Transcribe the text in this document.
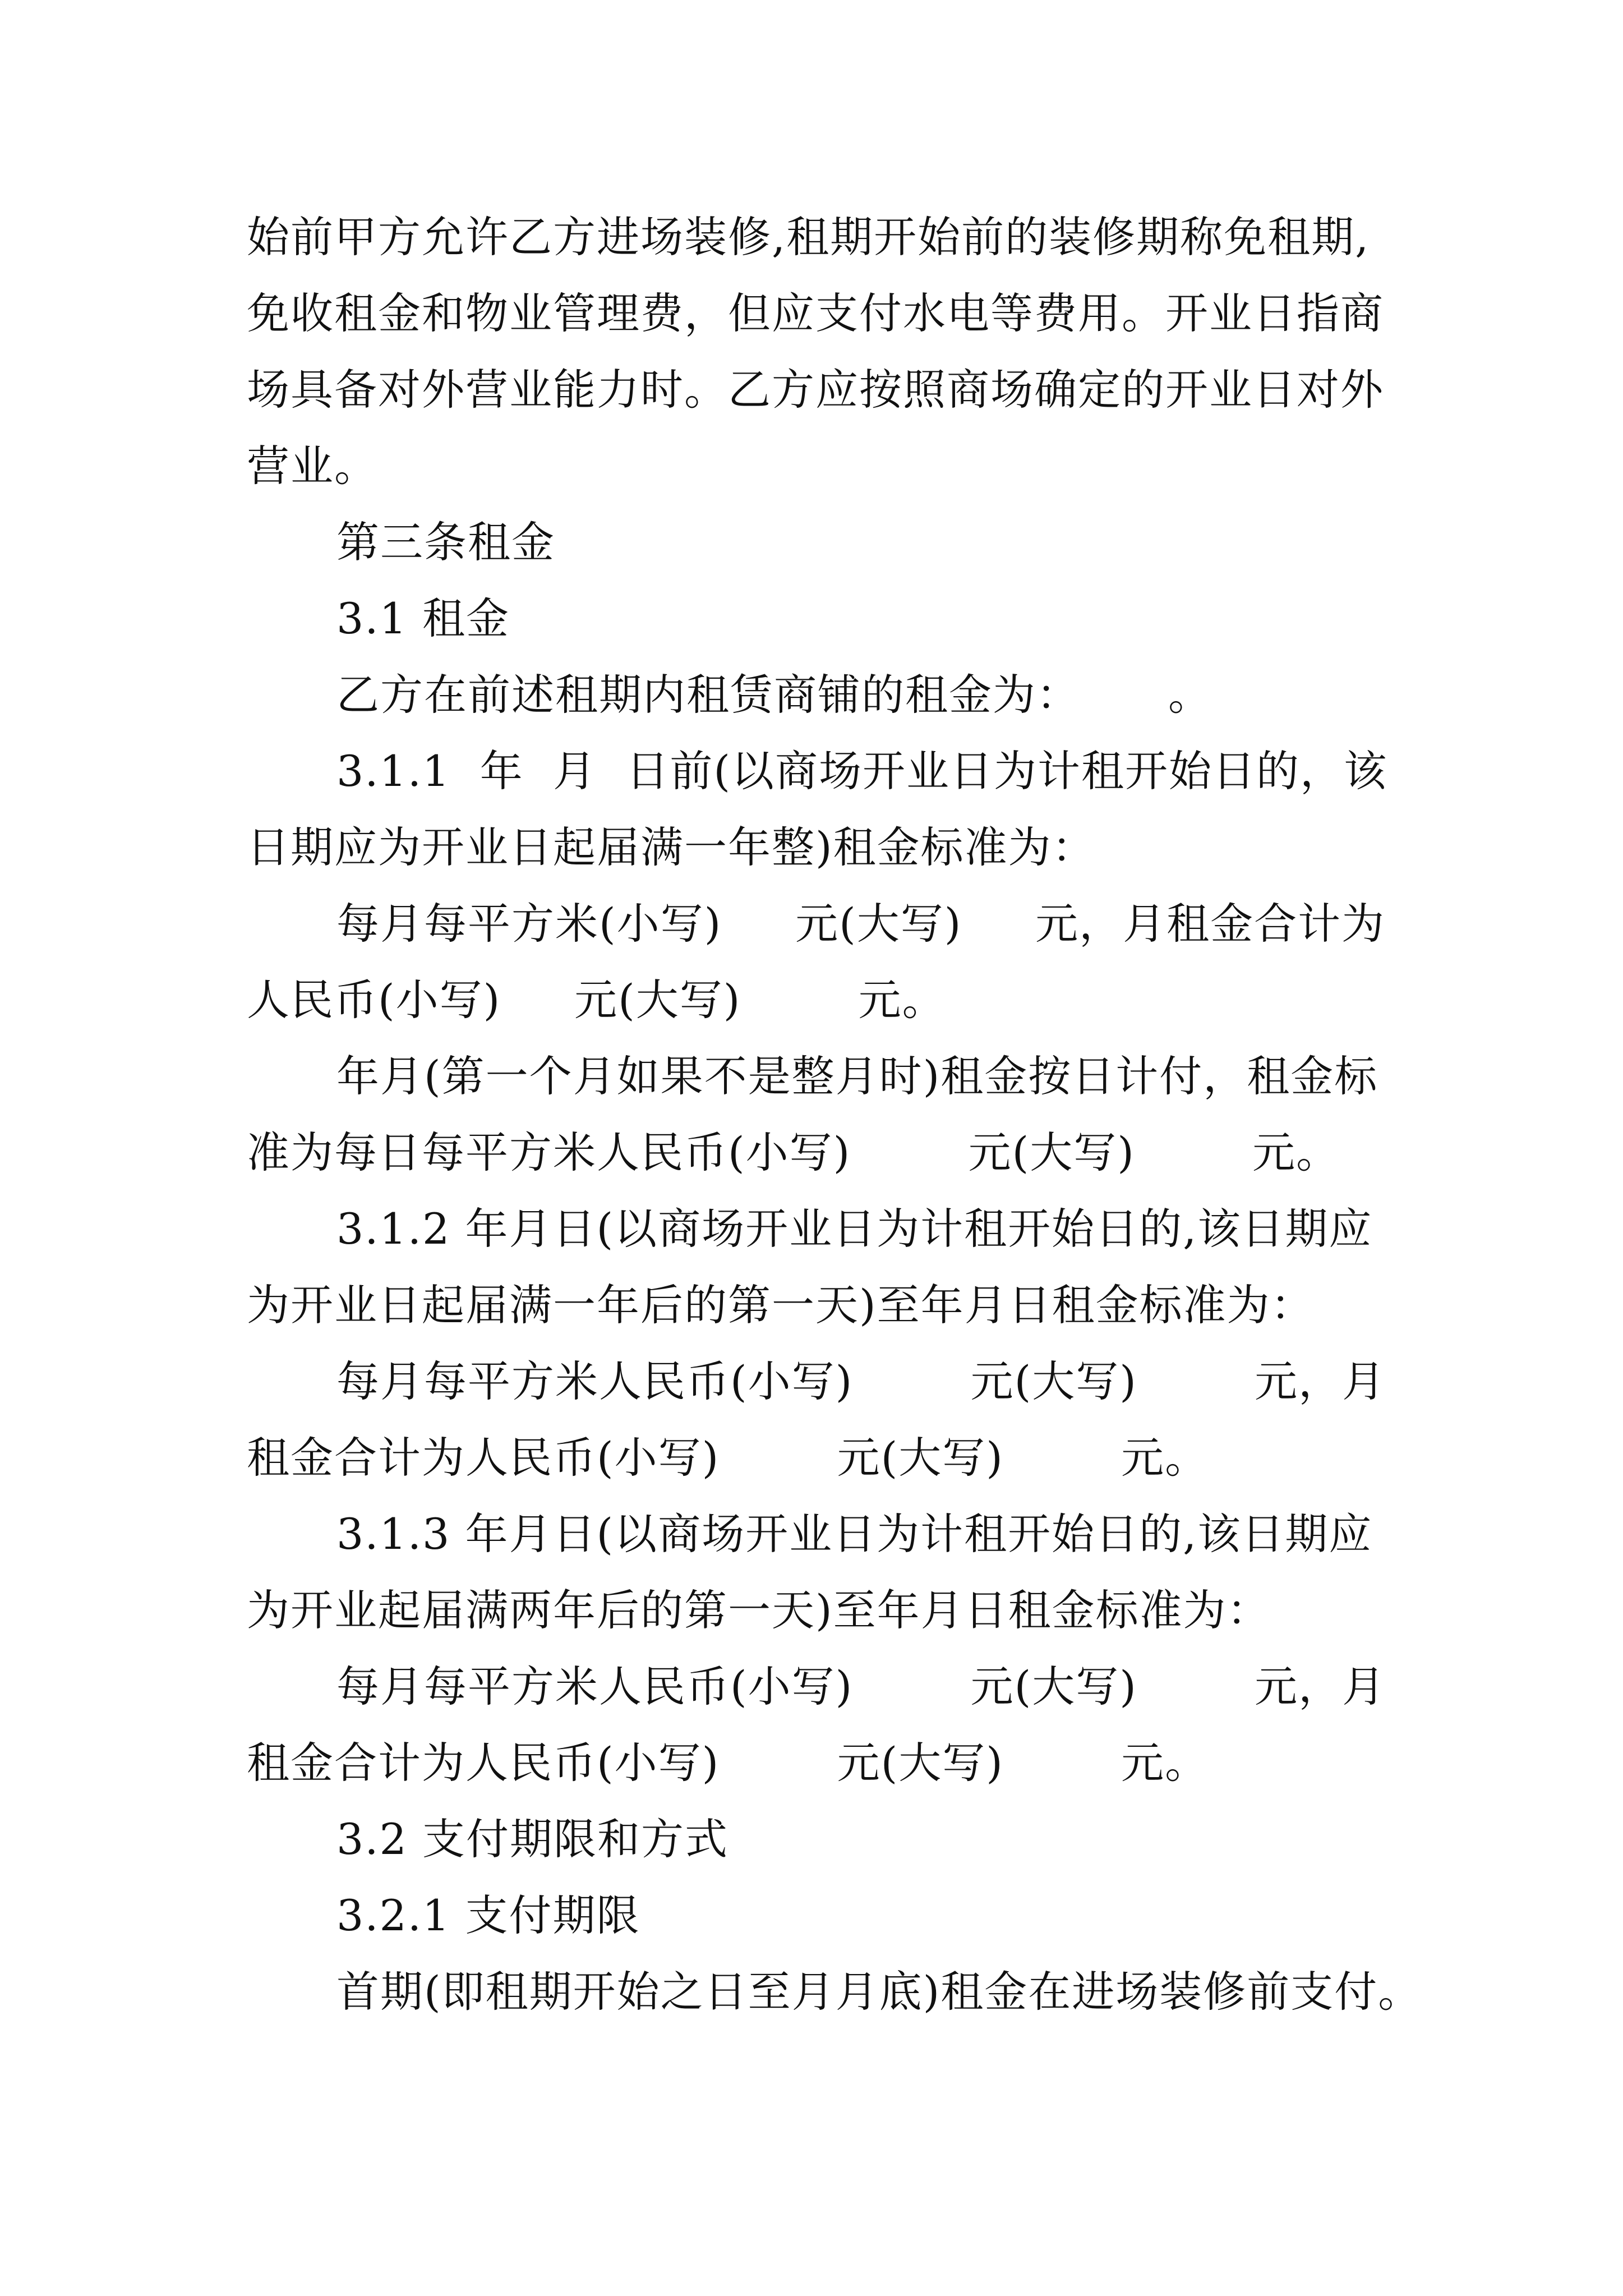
始前甲方允许乙方进场装修,租期开始前的装修期称免租期,
免收租金和物业管理费，但应支付水电等费用。开业日指商
场具备对外营业能力时。乙方应按照商场确定的开业日对外
营业。
第三条租金
3.1 租金
乙方在前述租期内租赁商铺的租金为：      。
3.1.1  年  月  日前(以商场开业日为计租开始日的，该
日期应为开业日起届满一年整)租金标准为：
每月每平方米(小写)     元(大写)     元，月租金合计为
人民币(小写)     元(大写)        元。
年月(第一个月如果不是整月时)租金按日计付，租金标
准为每日每平方米人民币(小写)        元(大写)        元。
3.1.2 年月日(以商场开业日为计租开始日的,该日期应
为开业日起届满一年后的第一天)至年月日租金标准为：
每月每平方米人民币(小写)        元(大写)        元，月
租金合计为人民币(小写)        元(大写)        元。
3.1.3 年月日(以商场开业日为计租开始日的,该日期应
为开业起届满两年后的第一天)至年月日租金标准为：
每月每平方米人民币(小写)        元(大写)        元，月
租金合计为人民币(小写)        元(大写)        元。
3.2 支付期限和方式
3.2.1 支付期限
首期(即租期开始之日至月月底)租金在进场装修前支付。
